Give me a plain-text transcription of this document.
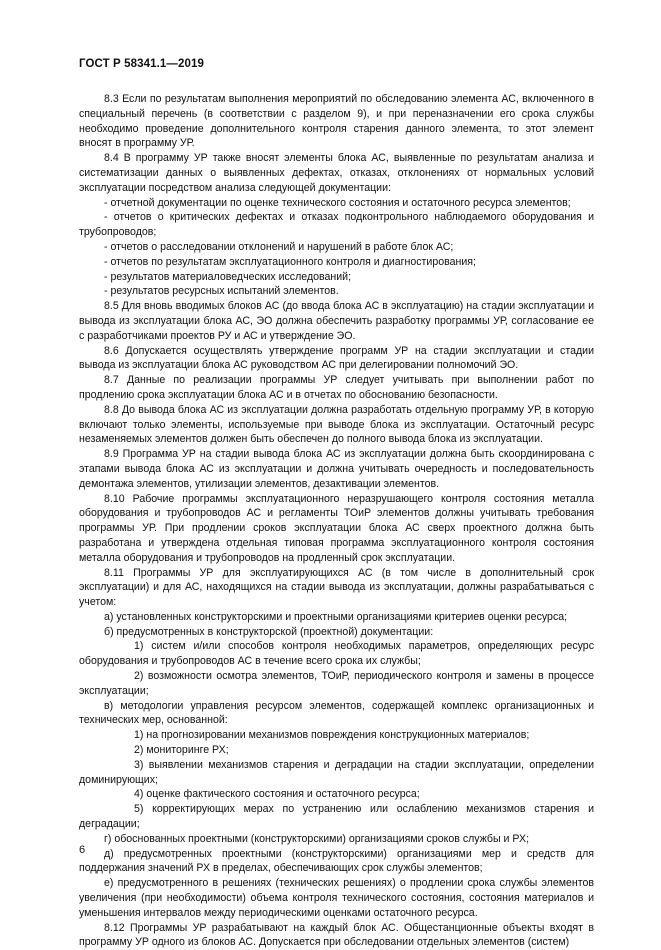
ГОСТ Р 58341.1—2019

8.3 Если по результатам выполнения мероприятий по обследованию элемента АС, включенного в специальный перечень (в соответствии с разделом 9), и при переназначении его срока службы необходимо проведение дополнительного контроля старения данного элемента, то этот элемент вносят в программу УР.

8.4 В программу УР также вносят элементы блока АС, выявленные по результатам анализа и систематизации данных о выявленных дефектах, отказах, отклонениях от нормальных условий эксплуатации посредством анализа следующей документации:

- отчетной документации по оценке технического состояния и остаточного ресурса элементов;

- отчетов о критических дефектах и отказах подконтрольного наблюдаемого оборудования и трубопроводов;

- отчетов о расследовании отклонений и нарушений в работе блок АС;

- отчетов по результатам эксплуатационного контроля и диагностирования;

- результатов материаловедческих исследований;

- результатов ресурсных испытаний элементов.

8.5 Для вновь вводимых блоков АС (до ввода блока АС в эксплуатацию) на стадии эксплуатации и вывода из эксплуатации блока АС, ЭО должна обеспечить разработку программы УР, согласование ее с разработчиками проектов РУ и АС и утверждение ЭО.

8.6 Допускается осуществлять утверждение программ УР на стадии эксплуатации и стадии вывода из эксплуатации блока АС руководством АС при делегировании полномочий ЭО.

8.7 Данные по реализации программы УР следует учитывать при выполнении работ по продлению срока эксплуатации блока АС и в отчетах по обоснованию безопасности.

8.8 До вывода блока АС из эксплуатации должна разработать отдельную программу УР, в которую включают только элементы, используемые при выводе блока из эксплуатации. Остаточный ресурс незаменяемых элементов должен быть обеспечен до полного вывода блока из эксплуатации.

8.9 Программа УР на стадии вывода блока АС из эксплуатации должна быть скоординирована с этапами вывода блока АС из эксплуатации и должна учитывать очередность и последовательность демонтажа элементов, утилизации элементов, дезактивации элементов.

8.10 Рабочие программы эксплуатационного неразрушающего контроля состояния металла оборудования и трубопроводов АС и регламенты ТОиР элементов должны учитывать требования программы УР. При продлении сроков эксплуатации блока АС сверх проектного должна быть разработана и утверждена отдельная типовая программа эксплуатационного контроля состояния металла оборудования и трубопроводов на продленный срок эксплуатации.

8.11 Программы УР для эксплуатирующихся АС (в том числе в дополнительный срок эксплуатации) и для АС, находящихся на стадии вывода из эксплуатации, должны разрабатываться с учетом:

а) установленных конструкторскими и проектными организациями критериев оценки ресурса;

б) предусмотренных в конструкторской (проектной) документации:

1) систем и/или способов контроля необходимых параметров, определяющих ресурс оборудования и трубопроводов АС в течение всего срока их службы;

2) возможности осмотра элементов, ТОиР, периодического контроля и замены в процессе эксплуатации;

в) методологии управления ресурсом элементов, содержащей комплекс организационных и технических мер, основанной:

1) на прогнозировании механизмов повреждения конструкционных материалов;

2) мониторинге РХ;

3) выявлении механизмов старения и деградации на стадии эксплуатации, определении доминирующих;

4) оценке фактического состояния и остаточного ресурса;

5) корректирующих мерах по устранению или ослаблению механизмов старения и деградации;

г) обоснованных проектными (конструкторскими) организациями сроков службы и РХ;

д) предусмотренных проектными (конструкторскими) организациями мер и средств для поддержания значений РХ в пределах, обеспечивающих срок службы элементов;

е) предусмотренного в решениях (технических решениях) о продлении срока службы элементов увеличения (при необходимости) объема контроля технического состояния, состояния материалов и уменьшения интервалов между периодическими оценками остаточного ресурса.

8.12 Программы УР разрабатывают на каждый блок АС. Общестанционные объекты входят в программу УР одного из блоков АС. Допускается при обследовании отдельных элементов (систем)

6
